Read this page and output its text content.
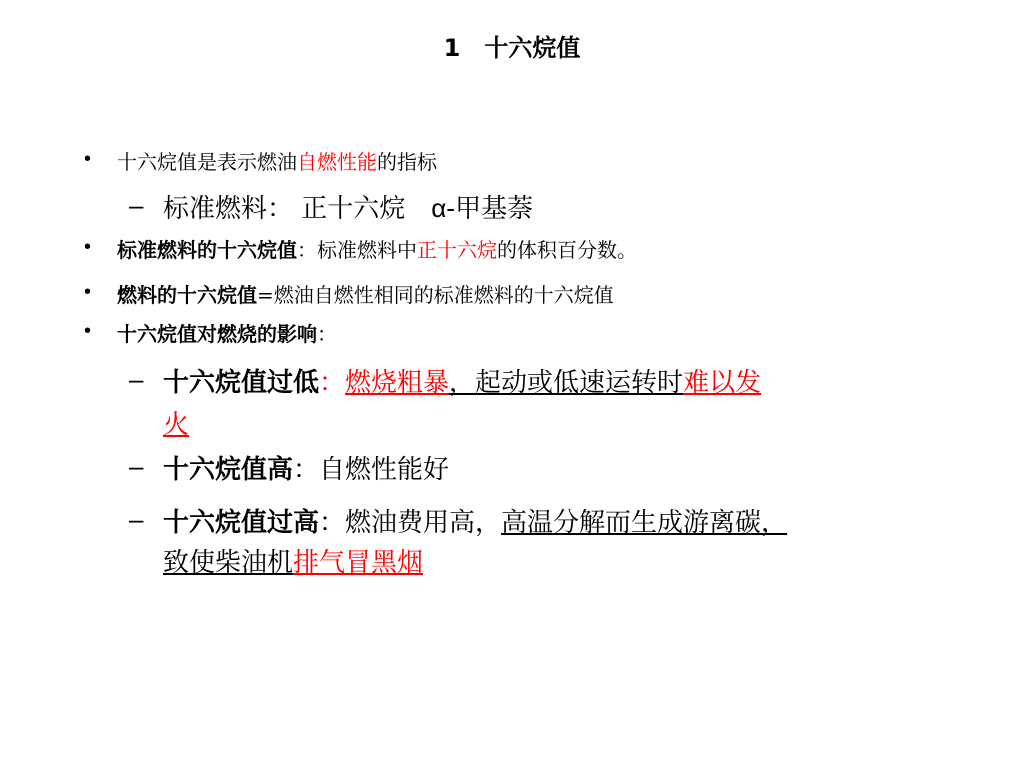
1　十六烷值
• 十六烷值是表示燃油自燃性能的指标
– 标准燃料： 正十六烷　α-甲基萘
• 标准燃料的十六烷值：标准燃料中正十六烷的体积百分数。
• 燃料的十六烷值=燃油自燃性相同的标准燃料的十六烷值
• 十六烷值对燃烧的影响：
– 十六烷值过低：燃烧粗暴，起动或低速运转时难以发
火
– 十六烷值高：自燃性能好
– 十六烷值过高：燃油费用高，高温分解而生成游离碳，
致使柴油机排气冒黑烟
